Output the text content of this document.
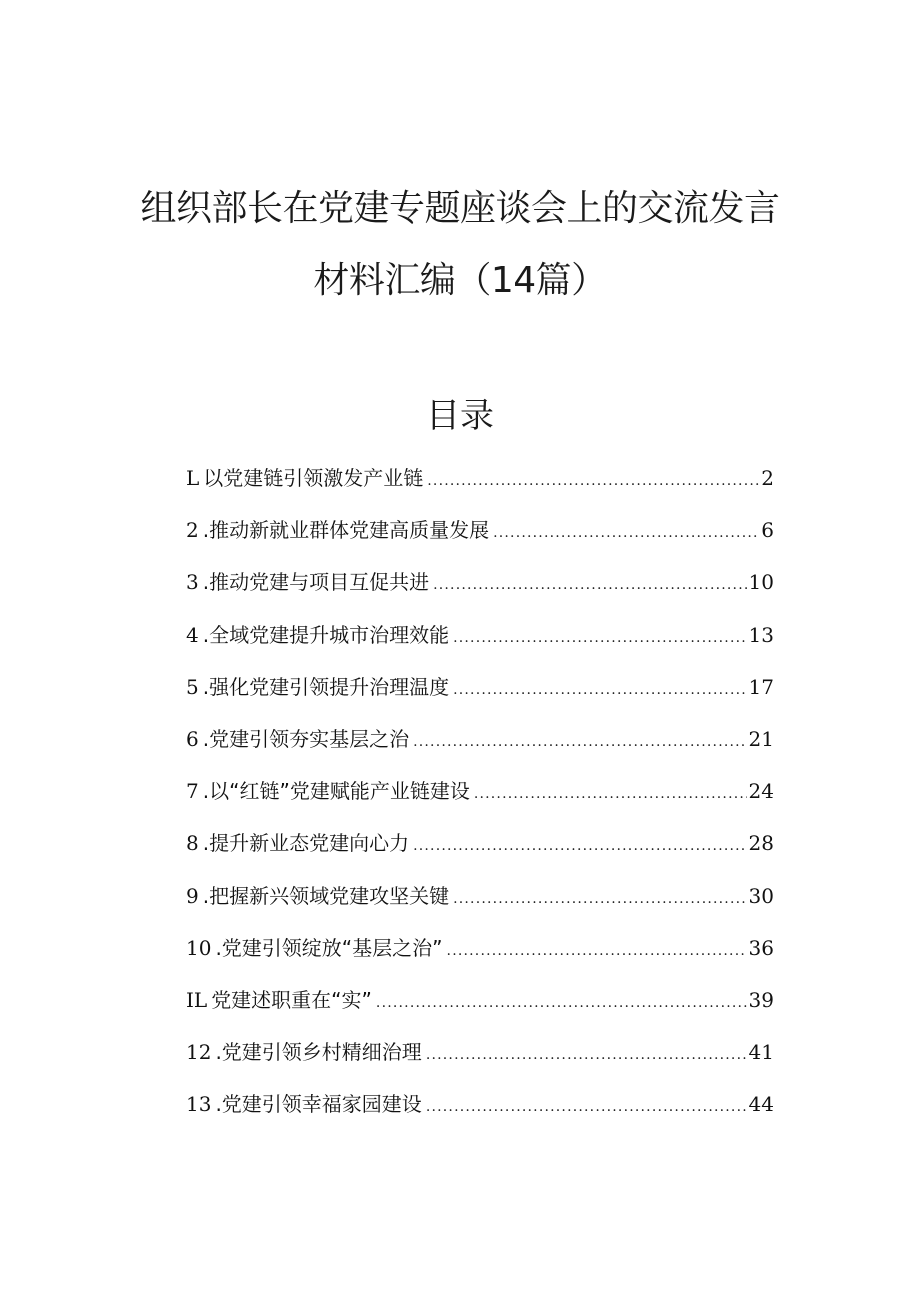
组织部长在党建专题座谈会上的交流发言
材料汇编（14篇）
目录
L 以党建链引领激发产业链 .....	2
2 .推动新就业群体党建高质量发展 .....	6
3 .推动党建与项目互促共进 .....	10
4 .全域党建提升城市治理效能 .....	13
5 .强化党建引领提升治理温度 .....	17
6 .党建引领夯实基层之治 .....	21
7 .以“红链”党建赋能产业链建设 .....	24
8 .提升新业态党建向心力 .....	28
9 .把握新兴领域党建攻坚关键 .....	30
10 .党建引领绽放“基层之治” .....	36
IL 党建述职重在“实” .....	39
12 .党建引领乡村精细治理 .....	41
13 .党建引领幸福家园建设 .....	44
